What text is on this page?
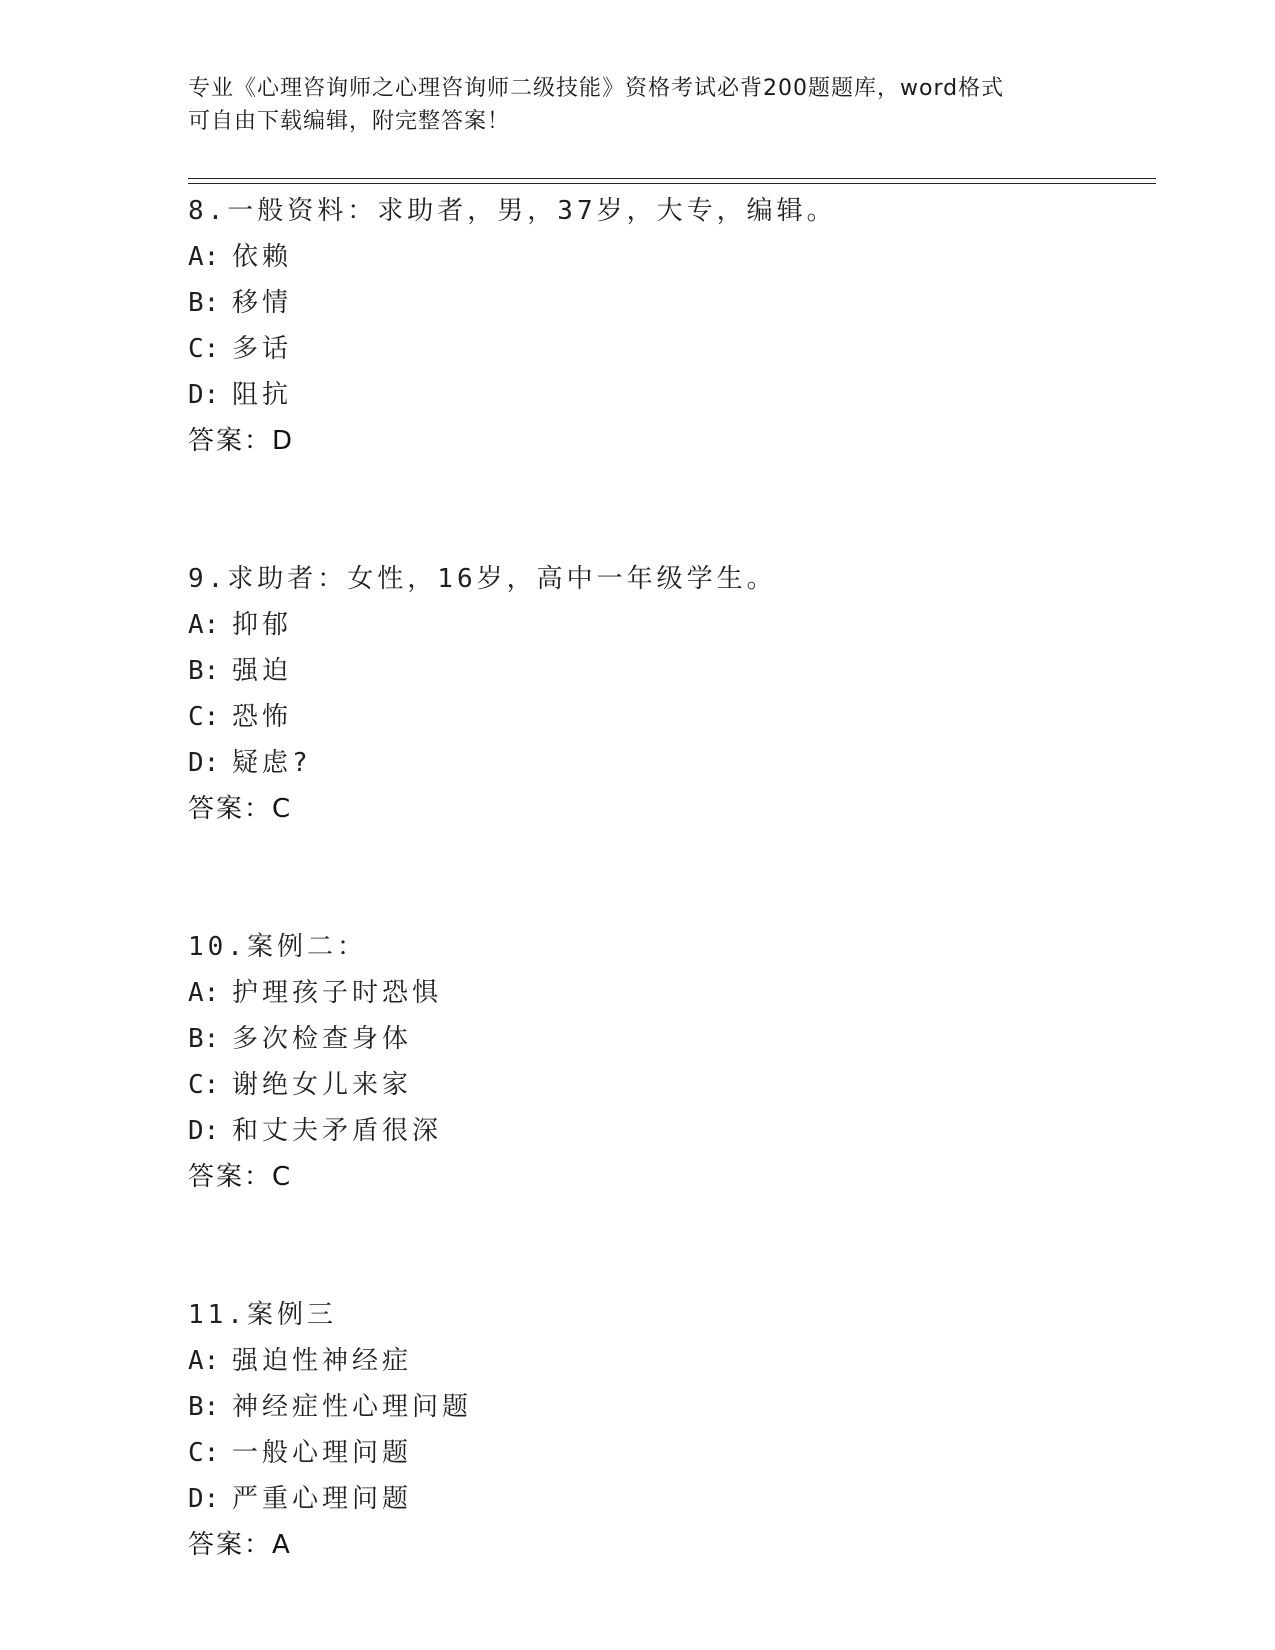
专业《心理咨询师之心理咨询师二级技能》资格考试必背200题题库，word格式
可自由下载编辑，附完整答案！
8.一般资料：求助者，男，37岁，大专，编辑。
A: 依赖
B: 移情
C: 多话
D: 阻抗
答案：D
9.求助者：女性，16岁，高中一年级学生。
A: 抑郁
B: 强迫
C: 恐怖
D: 疑虑?
答案：C
10.案例二：
A: 护理孩子时恐惧
B: 多次检查身体
C: 谢绝女儿来家
D: 和丈夫矛盾很深
答案：C
11.案例三
A: 强迫性神经症
B: 神经症性心理问题
C: 一般心理问题
D: 严重心理问题
答案：A
